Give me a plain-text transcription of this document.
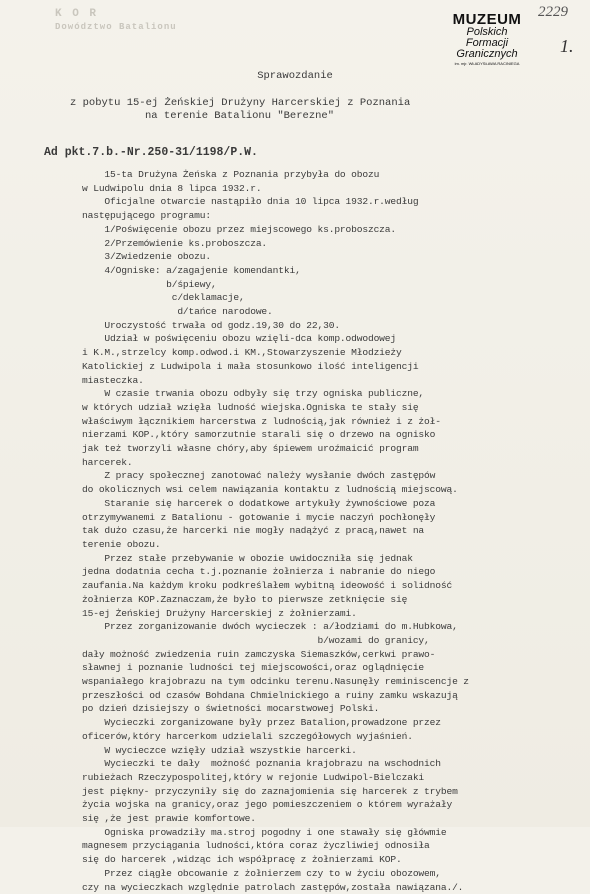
K O R
Dowództwo Batalionu	MUZEUM
Polskich
Formacji
Granicznych
im. mjr. WŁADYSŁAWA RACINIEGA
2229
1.
Sprawozdanie
z pobytu 15-ej Żeńskiej Drużyny Harcerskiej z Poznania
na terenie Batalionu "Berezne"
Ad pkt.7.b.-Nr.250-31/1198/P.W.
15-ta Drużyna Żeńska z Poznania przybyła do obozu
w Ludwipolu dnia 8 lipca 1932.r.
Oficjalne otwarcie nastąpiło dnia 10 lipca 1932.r.według
następującego programu:
1/Poświęcenie obozu przez miejscowego ks.proboszcza.
2/Przemówienie ks.proboszcza.
3/Zwiedzenie obozu.
4/Ogniske: a/zagajenie komendantki,
b/śpiewy,
c/deklamacje,
d/tańce narodowe.
Uroczystość trwała od godz.19,30 do 22,30.
Udział w poświęceniu obozu wzięli-dca komp.odwodowej
i K.M.,strzelcy komp.odwod.i KM.,Stowarzyszenie Młodzieży
Katolickiej z Ludwipola i mała stosunkowo ilość inteligencji
miasteczka.
W czasie trwania obozu odbyły się trzy ogniska publiczne,
w których udział wzięła ludność wiejska.Ogniska te stały się
właściwym łącznikiem harcerstwa z ludnością,jak również i z żoł-
nierzami KOP.,który samorzutnie starali się o drzewo na ognisko
jak też tworzyli własne chóry,aby śpiewem uroźmaicić program
harcerek.
Z pracy społecznej zanotować należy wysłanie dwóch zastępów
do okolicznych wsi celem nawiązania kontaktu z ludnością miejscową.
Staranie się harcerek o dodatkowe artykuły żywnościowe poza
otrzymywanemi z Batalionu - gotowanie i mycie naczyń pochłonęły
tak dużo czasu,że harcerki nie mogły nadążyć z pracą,nawet na
terenie obozu.
Przez stałe przebywanie w obozie uwidoczniła się jednak
jedna dodatnia cecha t.j.poznanie żołnierza i nabranie do niego
zaufania.Na każdym kroku podkreślałem wybitną ideowość i solidność
żołnierza KOP.Zaznaczam,że było to pierwsze zetknięcie się
15-ej Żeńskiej Drużyny Harcerskiej z żołnierzami.
Przez zorganizowanie dwóch wycieczek : a/łodziami do m.Hubkowa,
b/wozami do granicy,
dały możność zwiedzenia ruin zamczyska Siemaszków,cerkwi prawo-
sławnej i poznanie ludności tej miejscowości,oraz oglądnięcie
wspaniałego krajobrazu na tym odcinku terenu.Nasunęły reminiscencje z
przeszłości od czasów Bohdana Chmielnickiego a ruiny zamku wskazują
po dzień dzisiejszy o świetności mocarstwowej Polski.
Wycieczki zorganizowane były przez Batalion,prowadzone przez
oficerów,który harcerkom udzielali szczegółowych wyjaśnień.
W wycieczce wzięły udział wszystkie harcerki.
Wycieczki te dały  możność poznania krajobrazu na wschodnich
rubieżach Rzeczypospolitej,który w rejonie Ludwipol-Bielczaki
jest piękny- przyczyniły się do zaznajomienia się harcerek z trybem
życia wojska na granicy,oraz jego pomieszczeniem o którem wyrażały
się ,że jest prawie komfortowe.
Ogniska prowadziły ma.stroj pogodny i one stawały się główmie
magnesem przyciągania ludności,która coraz życzliwiej odnosiła
się do harcerek ,widząc ich współpracę z żołnierzami KOP.
Przez ciągłe obcowanie z żołnierzem czy to w życiu obozowem,
czy na wycieczkach względnie patrolach zastępów,została nawiązana./.
